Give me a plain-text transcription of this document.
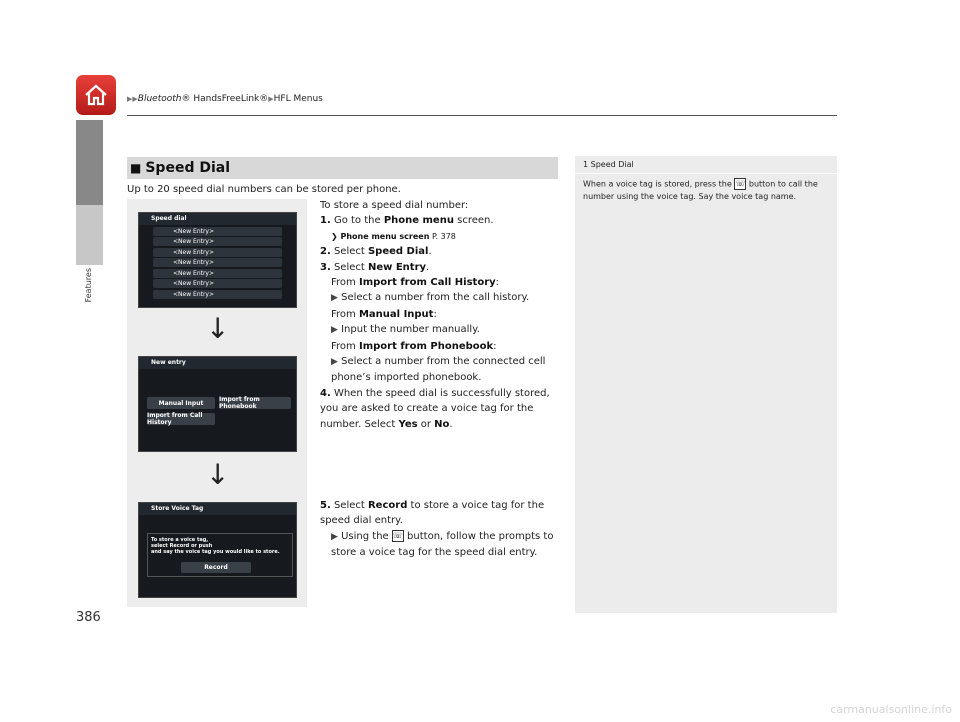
▶▶Bluetooth® HandsFreeLink®▶HFL Menus
Features
386
■ Speed Dial
Up to 20 speed dial numbers can be stored per phone.
Speed dial
<New Entry>
<New Entry>
<New Entry>
<New Entry>
<New Entry>
<New Entry>
<New Entry>
↓
New entry
Manual Input	Import from Phonebook
Import from Call History
↓
Store Voice Tag
To store a voice tag,
select Record or push
and say the voice tag you would like to store.
Record
To store a speed dial number:
1. Go to the Phone menu screen.
❯ Phone menu screen P. 378
2. Select Speed Dial.
3. Select New Entry.
From Import from Call History:
▶ Select a number from the call history.
From Manual Input:
▶ Input the number manually.
From Import from Phonebook:
▶ Select a number from the connected cell phone’s imported phonebook.
4. When the speed dial is successfully stored, you are asked to create a voice tag for the number. Select Yes or No.
5. Select Record to store a voice tag for the speed dial entry.
▶ Using the ☏ button, follow the prompts to store a voice tag for the speed dial entry.
1 Speed Dial
When a voice tag is stored, press the ☏ button to call the number using the voice tag. Say the voice tag name.
carmanualsonline.info
